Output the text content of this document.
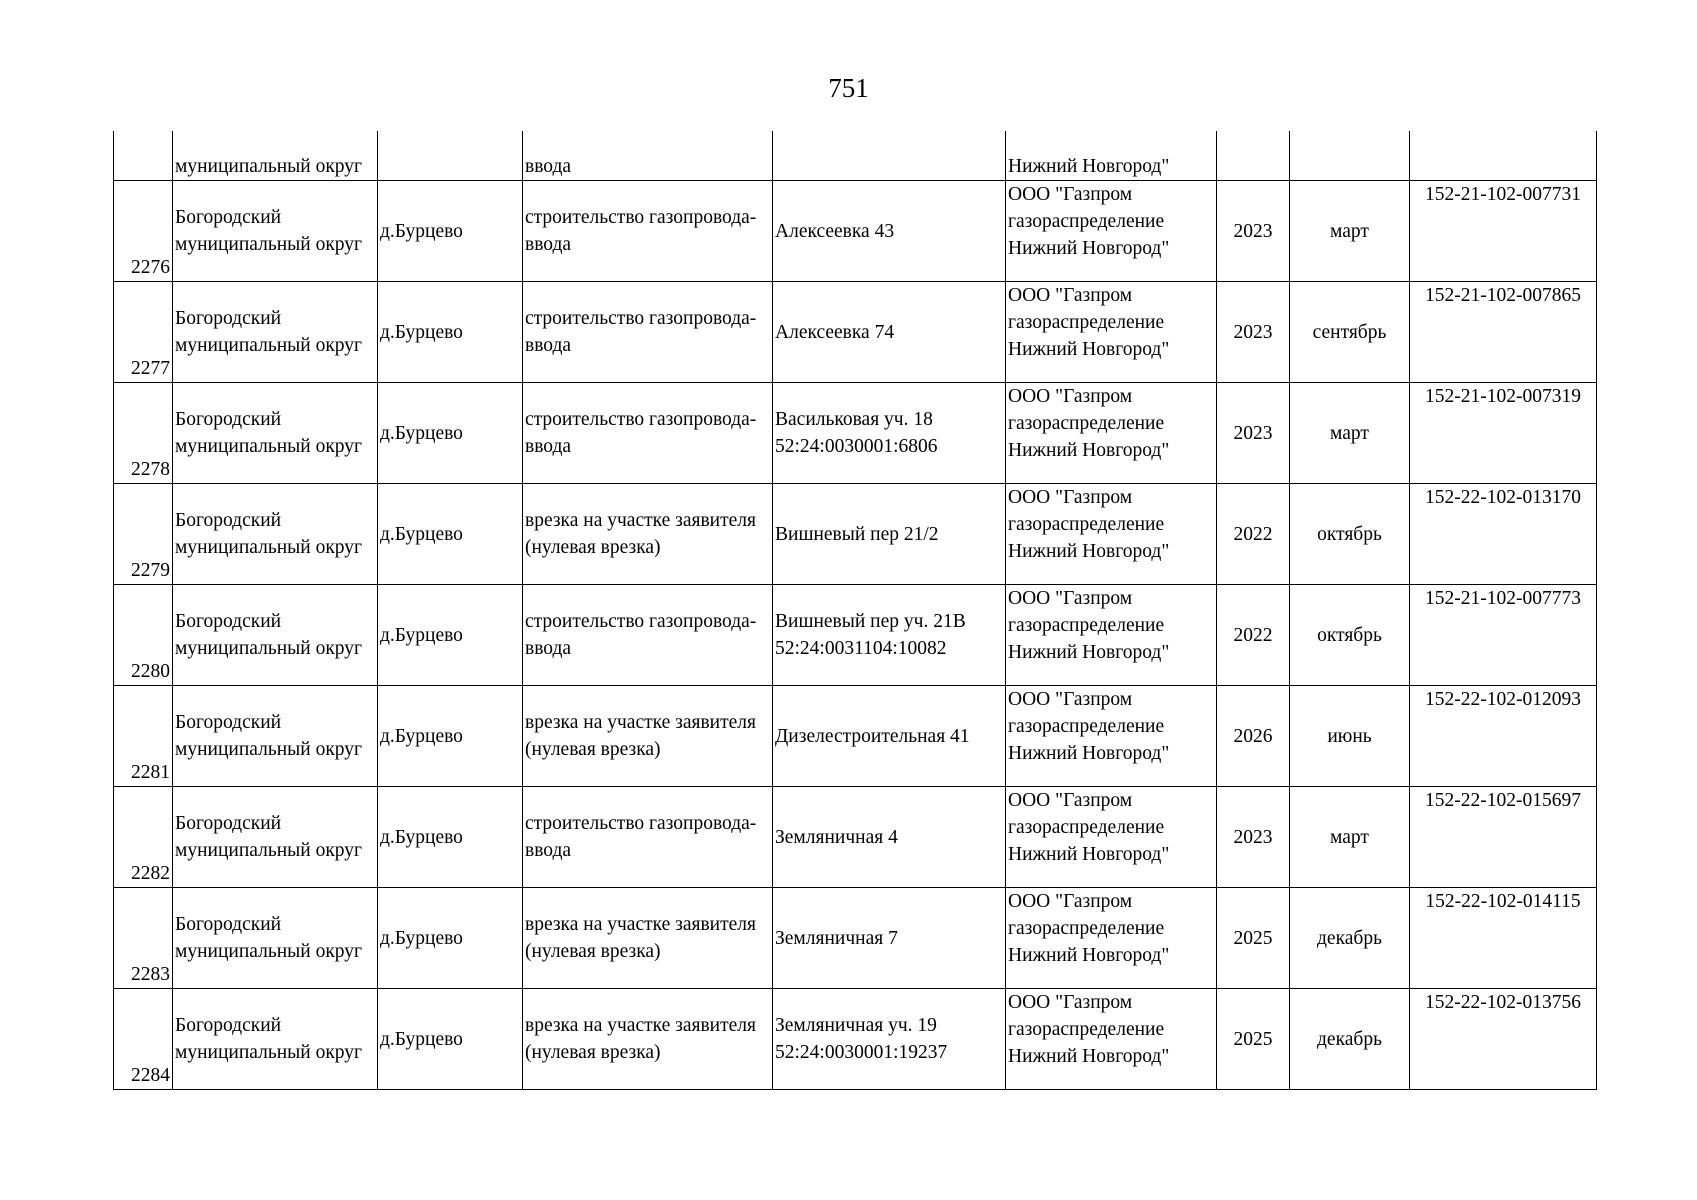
751
	муниципальный округ		ввода		Нижний Новгород"			
2276	Богородский
муниципальный округ	д.Бурцево	строительство газопровода-
ввода	Алексеевка 43	ООО "Газпром
газораспределение
Нижний Новгород"	2023	март	152-21-102-007731
2277	Богородский
муниципальный округ	д.Бурцево	строительство газопровода-
ввода	Алексеевка 74	ООО "Газпром
газораспределение
Нижний Новгород"	2023	сентябрь	152-21-102-007865
2278	Богородский
муниципальный округ	д.Бурцево	строительство газопровода-
ввода	Васильковая уч. 18
52:24:0030001:6806	ООО "Газпром
газораспределение
Нижний Новгород"	2023	март	152-21-102-007319
2279	Богородский
муниципальный округ	д.Бурцево	врезка на участке заявителя
(нулевая врезка)	Вишневый пер 21/2	ООО "Газпром
газораспределение
Нижний Новгород"	2022	октябрь	152-22-102-013170
2280	Богородский
муниципальный округ	д.Бурцево	строительство газопровода-
ввода	Вишневый пер уч. 21В
52:24:0031104:10082	ООО "Газпром
газораспределение
Нижний Новгород"	2022	октябрь	152-21-102-007773
2281	Богородский
муниципальный округ	д.Бурцево	врезка на участке заявителя
(нулевая врезка)	Дизелестроительная 41	ООО "Газпром
газораспределение
Нижний Новгород"	2026	июнь	152-22-102-012093
2282	Богородский
муниципальный округ	д.Бурцево	строительство газопровода-
ввода	Земляничная 4	ООО "Газпром
газораспределение
Нижний Новгород"	2023	март	152-22-102-015697
2283	Богородский
муниципальный округ	д.Бурцево	врезка на участке заявителя
(нулевая врезка)	Земляничная 7	ООО "Газпром
газораспределение
Нижний Новгород"	2025	декабрь	152-22-102-014115
2284	Богородский
муниципальный округ	д.Бурцево	врезка на участке заявителя
(нулевая врезка)	Земляничная уч. 19
52:24:0030001:19237	ООО "Газпром
газораспределение
Нижний Новгород"	2025	декабрь	152-22-102-013756
